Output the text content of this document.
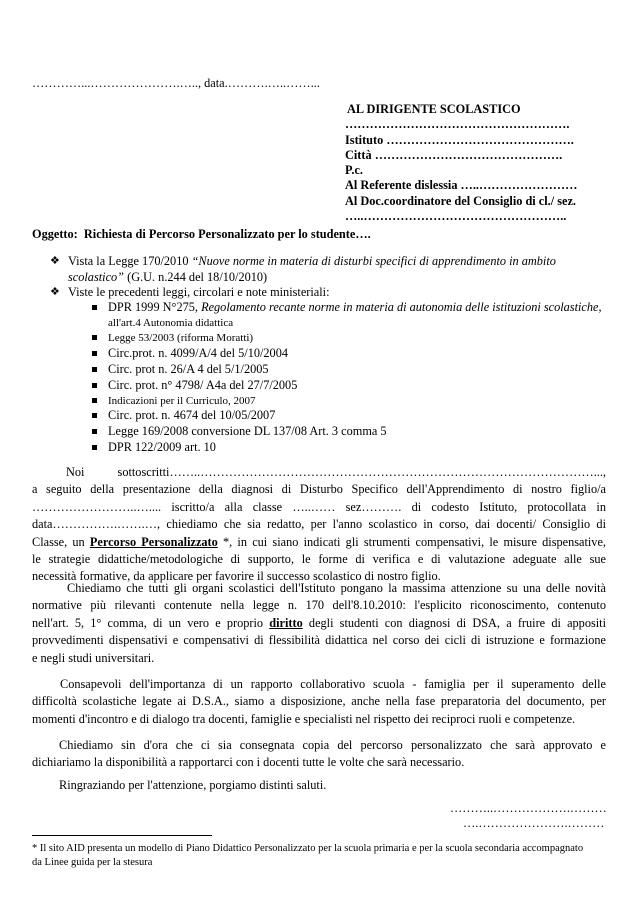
…………...………………….….., data.……….…..……...
AL DIRIGENTE SCOLASTICO
……………………………………………….
Istituto ……………………………………….
Città ……………………………………….
P.c.
Al Referente dislessia …..……………………
Al Doc.coordinatore del Consiglio di cl./ sez.
…..…………………………………………..
Oggetto: Richiesta di Percorso Personalizzato per lo studente….
❖ Vista la Legge 170/2010 “Nuove norme in materia di disturbi specifici di apprendimento in ambito
scolastico” (G.U. n.244 del 18/10/2010)
❖ Viste le precedenti leggi, circolari e note ministeriali:
DPR 1999 N°275, Regolamento recante norme in materia di autonomia delle istituzioni scolastiche,
all'art.4 Autonomia didattica
Legge 53/2003 (riforma Moratti)
Circ.prot. n. 4099/A/4 del 5/10/2004
Circ. prot n. 26/A 4 del 5/1/2005
Circ. prot. n° 4798/ A4a del 27/7/2005
Indicazioni per il Curriculo, 2007
Circ. prot. n. 4674 del 10/05/2007
Legge 169/2008 conversione DL 137/08 Art. 3 comma 5
DPR 122/2009 art. 10
Noi sottoscritti……..……………………………………………………………………………………...,
a seguito della presentazione della diagnosi di Disturbo Specifico dell'Apprendimento di nostro figlio/a
……………………..….... iscritto/a alla classe …..…… sez………. di codesto Istituto, protocollata in
data…………….…….…, chiediamo che sia redatto, per l'anno scolastico in corso, dai docenti/ Consiglio di
Classe, un Percorso Personalizzato *, in cui siano indicati gli strumenti compensativi, le misure dispensative,
le strategie didattiche/metodologiche di supporto, le forme di verifica e di valutazione adeguate alle sue
necessità formative, da applicare per favorire il successo scolastico di nostro figlio.
Chiediamo che tutti gli organi scolastici dell'Istituto pongano la massima attenzione su una delle novità
normative più rilevanti contenute nella legge n. 170 dell'8.10.2010: l'esplicito riconoscimento, contenuto
nell'art. 5, 1° comma, di un vero e proprio diritto degli studenti con diagnosi di DSA, a fruire di appositi
provvedimenti dispensativi e compensativi di flessibilità didattica nel corso dei cicli di istruzione e formazione
e negli studi universitari.
Consapevoli dell'importanza di un rapporto collaborativo scuola - famiglia per il superamento delle
difficoltà scolastiche legate ai D.S.A., siamo a disposizione, anche nella fase preparatoria del documento, per
momenti d'incontro e di dialogo tra docenti, famiglie e specialisti nel rispetto dei reciproci ruoli e competenze.
Chiediamo sin d'ora che ci sia consegnata copia del percorso personalizzato che sarà approvato e
dichiariamo la disponibilità a rapportarci con i docenti tutte le volte che sarà necessario.
Ringraziando per l'attenzione, porgiamo distinti saluti.
………..……………….………
….………………….………
* Il sito AID presenta un modello di Piano Didattico Personalizzato per la scuola primaria e per la scuola secondaria accompagnato
da Linee guida per la stesura
